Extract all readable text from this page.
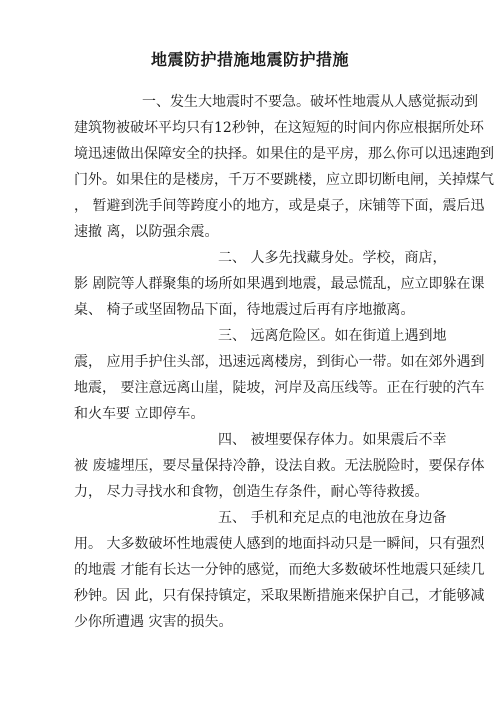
地震防护措施地震防护措施
一、发生大地震时不要急。破坏性地震从人感觉振动到
建筑物被破坏平均只有12秒钟，在这短短的时间内你应根据所处环
境迅速做出保障安全的抉择。如果住的是平房，那么你可以迅速跑到
门外。如果住的是楼房，千万不要跳楼，应立即切断电闸，关掉煤气
， 暂避到洗手间等跨度小的地方，或是桌子，床铺等下面，震后迅
速撤 离，以防强余震。
二、 人多先找藏身处。学校，商店，
影 剧院等人群聚集的场所如果遇到地震，最忌慌乱，应立即躲在课
桌、 椅子或坚固物品下面，待地震过后再有序地撤离。
三、 远离危险区。如在街道上遇到地
震， 应用手护住头部，迅速远离楼房，到街心一带。如在郊外遇到
地震， 要注意远离山崖，陡坡，河岸及高压线等。正在行驶的汽车
和火车要 立即停车。
四、 被埋要保存体力。如果震后不幸
被 废墟埋压，要尽量保持冷静，设法自救。无法脱险时，要保存体
力， 尽力寻找水和食物，创造生存条件，耐心等待救援。
五、 手机和充足点的电池放在身边备
用。 大多数破坏性地震使人感到的地面抖动只是一瞬间，只有强烈
的地震 才能有长达一分钟的感觉，而绝大多数破坏性地震只延续几
秒钟。因 此，只有保持镇定，采取果断措施来保护自己，才能够减
少你所遭遇 灾害的损失。
